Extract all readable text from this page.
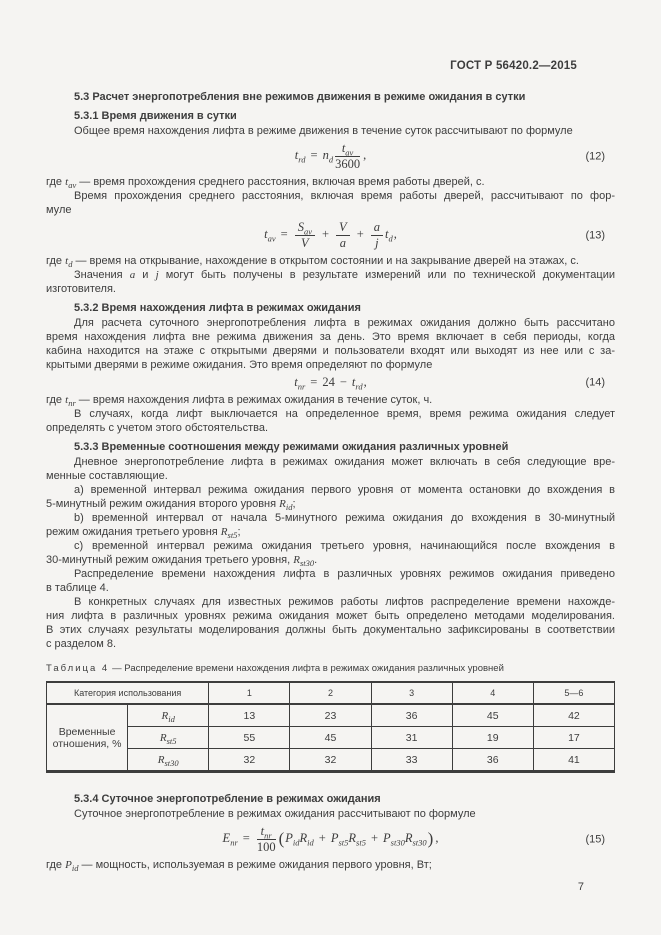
ГОСТ Р 56420.2—2015
5.3 Расчет энергопотребления вне режимов движения в режиме ожидания в сутки
5.3.1 Время движения в сутки
Общее время нахождения лифта в режиме движения в течение суток рассчитывают по формуле
$t_{rd} = n_d \frac{t_{av}}{3600}$ ,	(12)
где $t_{av}$ — время прохождения среднего расстояния, включая время работы дверей, с.
Время прохождения среднего расстояния, включая время работы дверей, рассчитывают по фор-
муле
$t_{av} = \frac{S_{av}}{V} + \frac{V}{a} + \frac{a}{j} t_d$,	(13)
где $t_d$ — время на открывание, нахождение в открытом состоянии и на закрывание дверей на этажах, с.
Значения a и j могут быть получены в результате измерений или по технической документации
изготовителя.
5.3.2 Время нахождения лифта в режимах ожидания
Для расчета суточного энергопотребления лифта в режимах ожидания должно быть рассчитано
время нахождения лифта вне режима движения за день. Это время включает в себя периоды, когда
кабина находится на этаже с открытыми дверями и пользователи входят или выходят из нее или с за-
крытыми дверями в режиме ожидания. Это время определяют по формуле
$t_{nr} = 24 - t_{rd}$,	(14)
где $t_{nr}$ — время нахождения лифта в режимах ожидания в течение суток, ч.
В случаях, когда лифт выключается на определенное время, время режима ожидания следует
определять с учетом этого обстоятельства.
5.3.3 Временные соотношения между режимами ожидания различных уровней
Дневное энергопотребление лифта в режимах ожидания может включать в себя следующие вре-
менные составляющие.
a) временной интервал режима ожидания первого уровня от момента остановки до вхождения в
5-минутный режим ожидания второго уровня $R_{id}$;
b) временной интервал от начала 5-минутного режима ожидания до вхождения в 30-минутный
режим ожидания третьего уровня $R_{st5}$;
c) временной интервал режима ожидания третьего уровня, начинающийся после вхождения в
30-минутный режим ожидания третьего уровня, $R_{st30}$.
Распределение времени нахождения лифта в различных уровнях режимов ожидания приведено
в таблице 4.
В конкретных случаях для известных режимов работы лифтов распределение времени нахожде-
ния лифта в различных уровнях режима ожидания может быть определено методами моделирования.
В этих случаях результаты моделирования должны быть документально зафиксированы в соответствии
с разделом 8.
Таблица 4 — Распределение времени нахождения лифта в режимах ожидания различных уровней
Категория использования		1	2	3	4	5—6
Временные отношения, %	$R_{id}$	13	23	36	45	42
	$R_{st5}$	55	45	31	19	17
	$R_{st30}$	32	32	33	36	41
5.3.4 Суточное энергопотребление в режимах ожидания
Суточное энергопотребление в режимах ожидания рассчитывают по формуле
$E_{nr} = \frac{t_{nr}}{100} (P_{id}R_{id} + P_{st5}R_{st5} + P_{st30}R_{st30})$ ,	(15)
где $P_{id}$ — мощность, используемая в режиме ожидания первого уровня, Вт;
7
